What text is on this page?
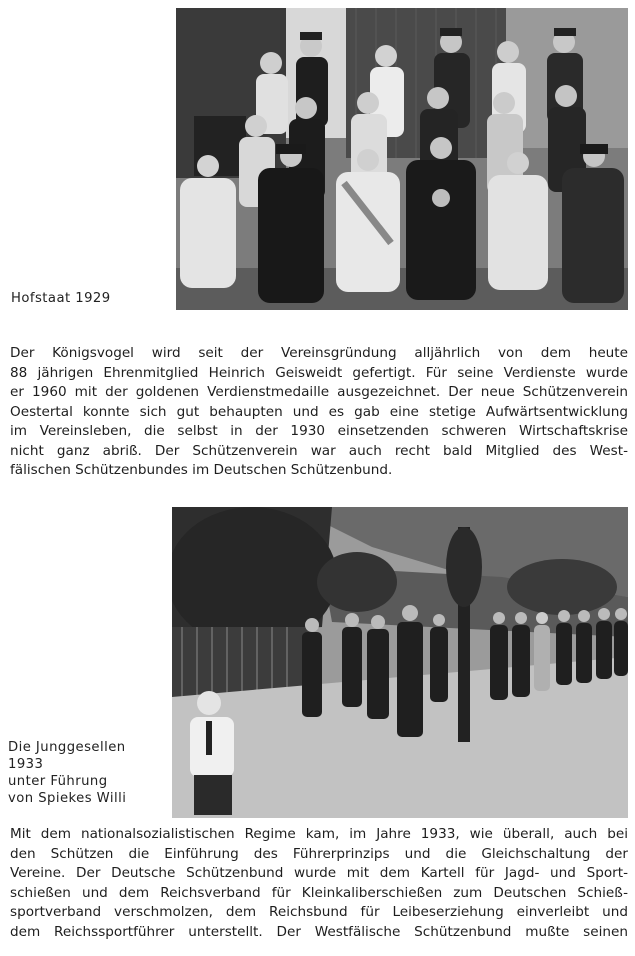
Hofstaat 1929
Der Königsvogel wird seit der Vereinsgründung alljährlich von dem heute
88 jährigen Ehrenmitglied Heinrich Geisweidt gefertigt. Für seine Verdienste wurde
er 1960 mit der goldenen Verdienstmedaille ausgezeichnet. Der neue Schützenverein
Oestertal konnte sich gut behaupten und es gab eine stetige Aufwärtsentwicklung
im Vereinsleben, die selbst in der 1930 einsetzenden schweren Wirtschaftskrise
nicht ganz abriß. Der Schützenverein war auch recht bald Mitglied des West-
fälischen Schützenbundes im Deutschen Schützenbund.
Die Junggesellen
1933
unter Führung
von Spiekes Willi
Mit dem nationalsozialistischen Regime kam, im Jahre 1933, wie überall, auch bei
den Schützen die Einführung des Führerprinzips und die Gleichschaltung der
Vereine. Der Deutsche Schützenbund wurde mit dem Kartell für Jagd- und Sport-
schießen und dem Reichsverband für Kleinkaliberschießen zum Deutschen Schieß-
sportverband verschmolzen, dem Reichsbund für Leibeserziehung einverleibt und
dem Reichssportführer unterstellt. Der Westfälische Schützenbund mußte seinen
